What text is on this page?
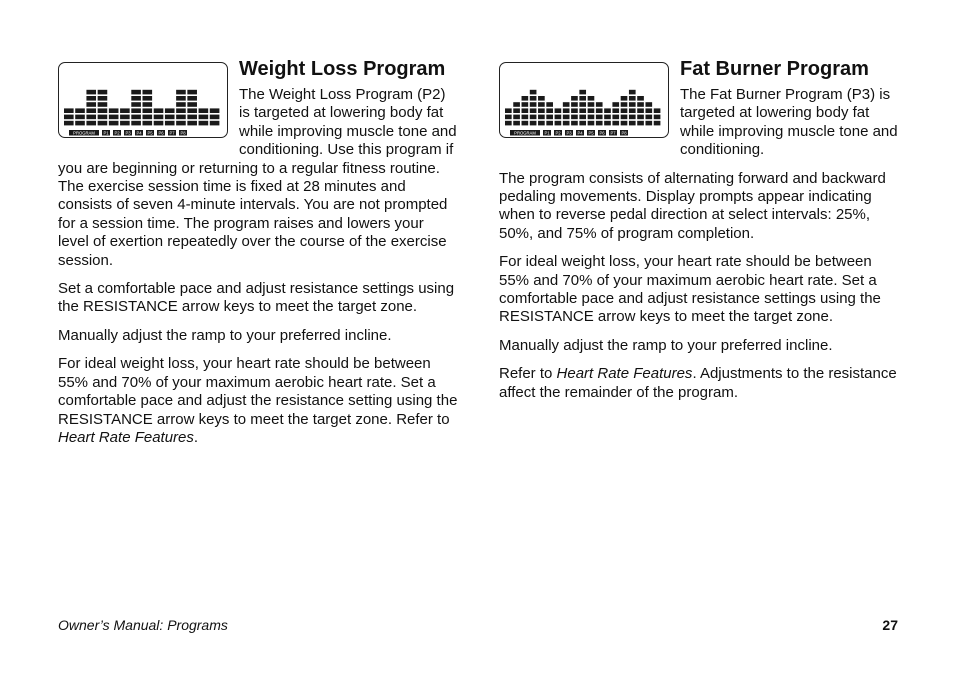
PROGRAM P1 P2 P3 P4 P5 P6 P7 P8
Weight Loss Program

The Weight Loss Program (P2) is targeted at lowering body fat while improving muscle tone and conditioning. Use this program if you are beginning or returning to a regular fitness routine. The exercise session time is fixed at 28 minutes and consists of seven 4-minute intervals. You are not prompted for a session time. The program raises and lowers your level of exertion repeatedly over the course of the exercise session.

Set a comfortable pace and adjust resistance settings using the RESISTANCE arrow keys to meet the target zone.

Manually adjust the ramp to your preferred incline.

For ideal weight loss, your heart rate should be between 55% and 70% of your maximum aerobic heart rate. Set a comfortable pace and adjust the resistance setting using the RESISTANCE arrow keys to meet the target zone. Refer to Heart Rate Features.

PROGRAM P1 P2 P3 P4 P5 P6 P7 P8
Fat Burner Program

The Fat Burner Program (P3) is targeted at lowering body fat while improving muscle tone and conditioning.

The program consists of alternating forward and backward pedaling movements. Display prompts appear indicating when to reverse pedal direction at select intervals: 25%, 50%, and 75% of program completion.

For ideal weight loss, your heart rate should be between 55% and 70% of your maximum aerobic heart rate. Set a comfortable pace and adjust resistance settings using the RESISTANCE arrow keys to meet the target zone.

Manually adjust the ramp to your preferred incline.

Refer to Heart Rate Features. Adjustments to the resistance affect the remainder of the program.

Owner’s Manual: Programs	27
